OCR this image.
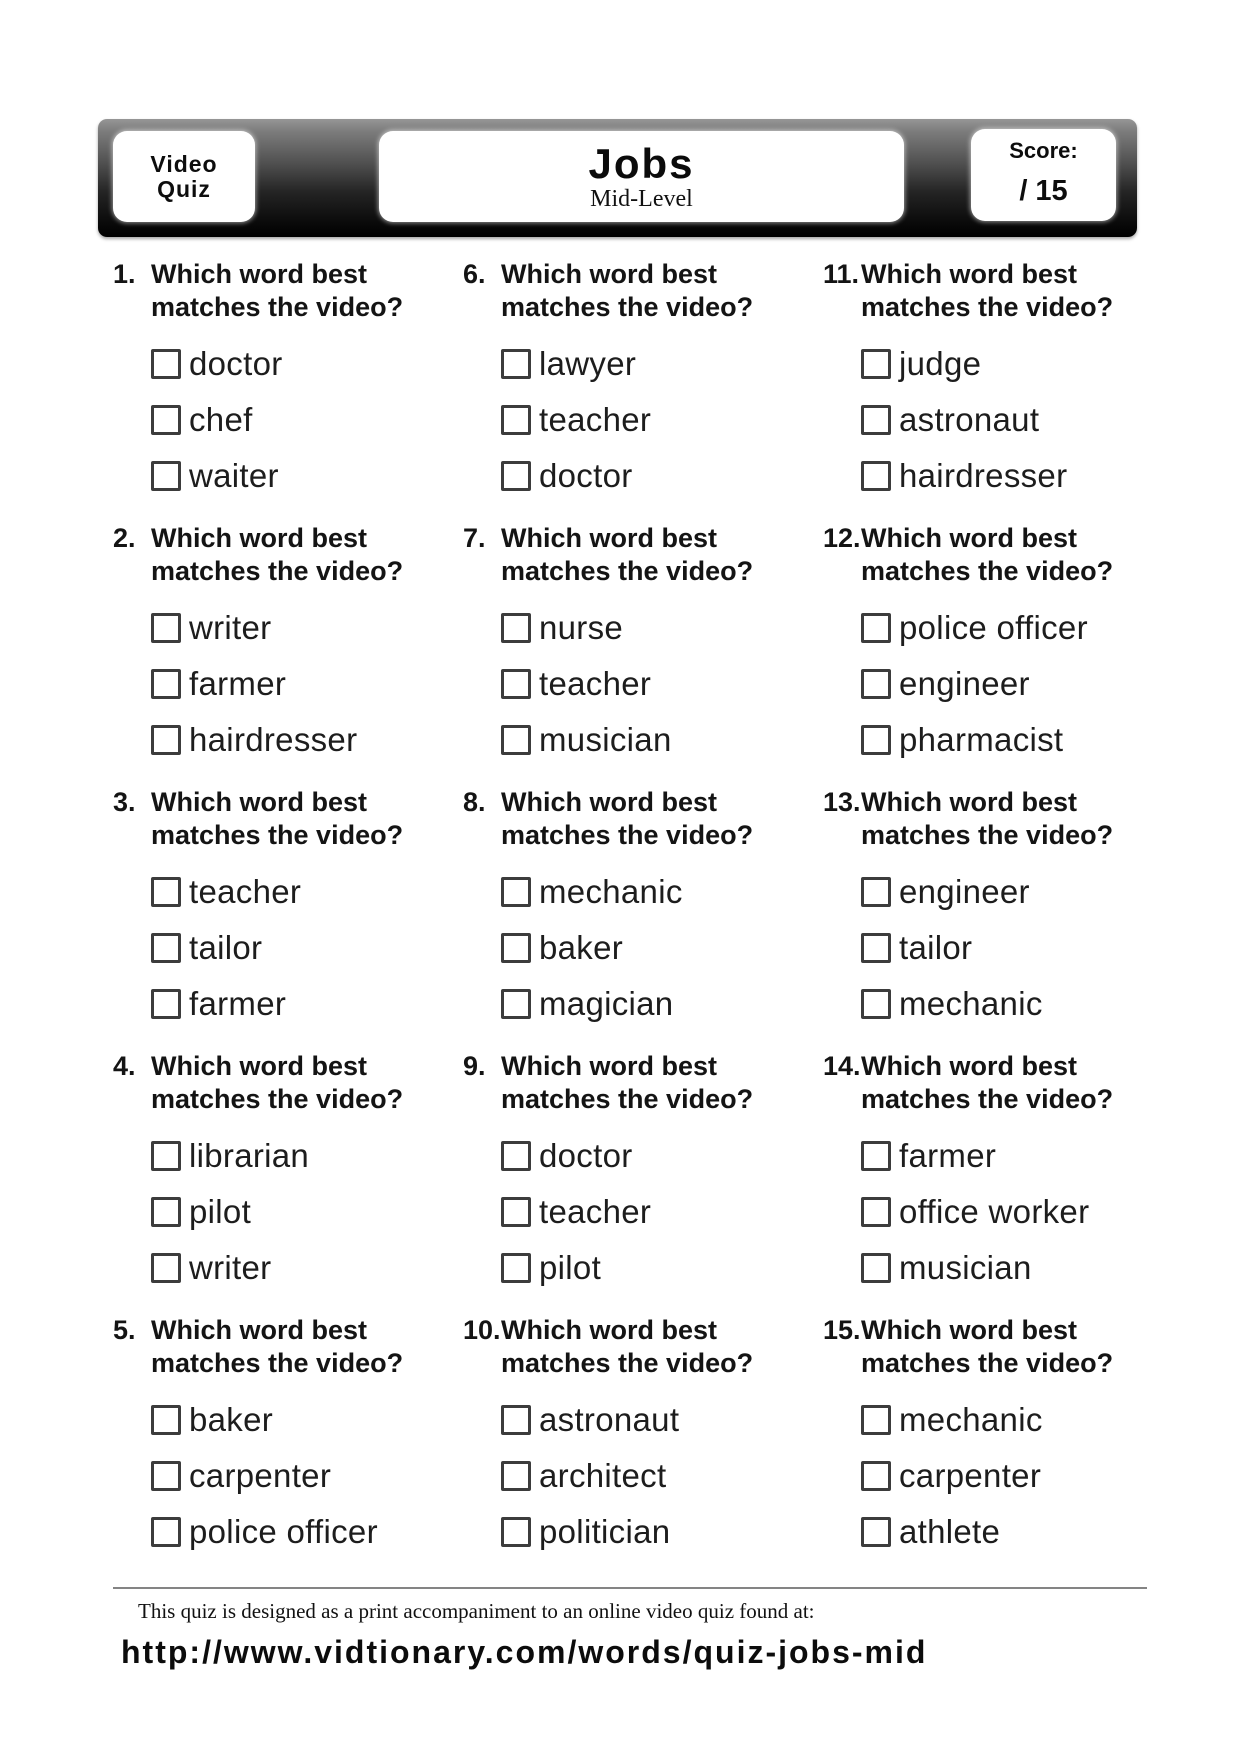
Video
Quiz
Jobs
Mid-Level
Score:
/ 15
1. Which word best
matches the video?
doctor
chef
waiter
2. Which word best
matches the video?
writer
farmer
hairdresser
3. Which word best
matches the video?
teacher
tailor
farmer
4. Which word best
matches the video?
librarian
pilot
writer
5. Which word best
matches the video?
baker
carpenter
police officer
6. Which word best
matches the video?
lawyer
teacher
doctor
7. Which word best
matches the video?
nurse
teacher
musician
8. Which word best
matches the video?
mechanic
baker
magician
9. Which word best
matches the video?
doctor
teacher
pilot
10. Which word best
matches the video?
astronaut
architect
politician
11. Which word best
matches the video?
judge
astronaut
hairdresser
12. Which word best
matches the video?
police officer
engineer
pharmacist
13. Which word best
matches the video?
engineer
tailor
mechanic
14. Which word best
matches the video?
farmer
office worker
musician
15. Which word best
matches the video?
mechanic
carpenter
athlete
This quiz is designed as a print accompaniment to an online video quiz found at:
http://www.vidtionary.com/words/quiz-jobs-mid
